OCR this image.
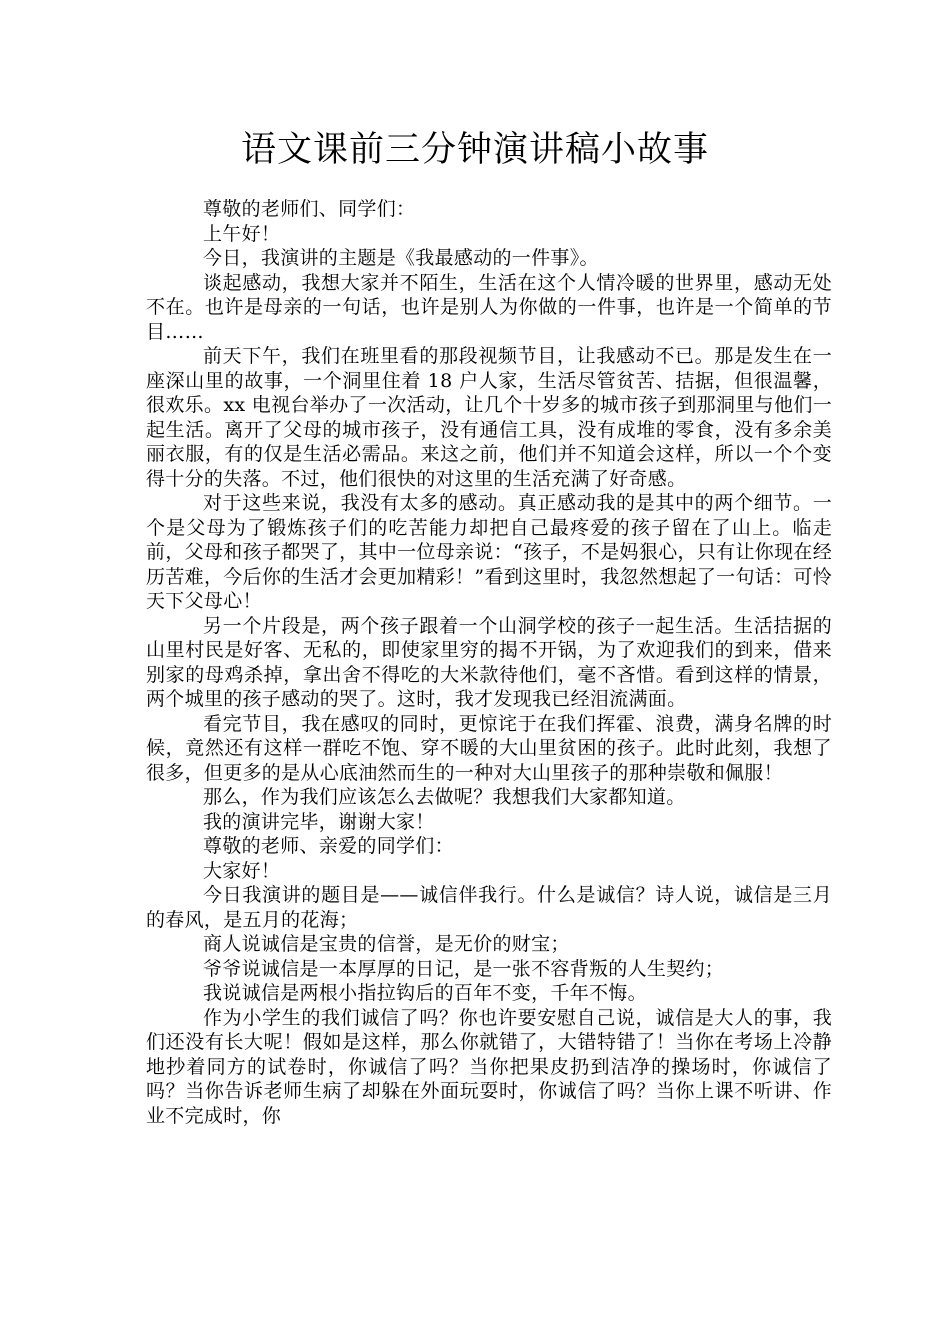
语文课前三分钟演讲稿小故事

尊敬的老师们、同学们：

上午好！

今日，我演讲的主题是《我最感动的一件事》。

谈起感动，我想大家并不陌生，生活在这个人情冷暖的世界里，感动无处不在。也许是母亲的一句话，也许是别人为你做的一件事，也许是一个简单的节目……

前天下午，我们在班里看的那段视频节目，让我感动不已。那是发生在一座深山里的故事，一个洞里住着 18 户人家，生活尽管贫苦、拮据，但很温馨，很欢乐。xx 电视台举办了一次活动，让几个十岁多的城市孩子到那洞里与他们一起生活。离开了父母的城市孩子，没有通信工具，没有成堆的零食，没有多余美丽衣服，有的仅是生活必需品。来这之前，他们并不知道会这样，所以一个个变得十分的失落。不过，他们很快的对这里的生活充满了好奇感。

对于这些来说，我没有太多的感动。真正感动我的是其中的两个细节。一个是父母为了锻炼孩子们的吃苦能力却把自己最疼爱的孩子留在了山上。临走前，父母和孩子都哭了，其中一位母亲说：“孩子，不是妈狠心，只有让你现在经历苦难，今后你的生活才会更加精彩！”看到这里时，我忽然想起了一句话：可怜天下父母心！

另一个片段是，两个孩子跟着一个山洞学校的孩子一起生活。生活拮据的山里村民是好客、无私的，即使家里穷的揭不开锅，为了欢迎我们的到来，借来别家的母鸡杀掉，拿出舍不得吃的大米款待他们，毫不吝惜。看到这样的情景，两个城里的孩子感动的哭了。这时，我才发现我已经泪流满面。

看完节目，我在感叹的同时，更惊诧于在我们挥霍、浪费，满身名牌的时候，竟然还有这样一群吃不饱、穿不暖的大山里贫困的孩子。此时此刻，我想了很多，但更多的是从心底油然而生的一种对大山里孩子的那种崇敬和佩服！

那么，作为我们应该怎么去做呢？我想我们大家都知道。

我的演讲完毕，谢谢大家！

尊敬的老师、亲爱的同学们：

大家好！

今日我演讲的题目是——诚信伴我行。什么是诚信？诗人说，诚信是三月的春风，是五月的花海；

商人说诚信是宝贵的信誉，是无价的财宝；

爷爷说诚信是一本厚厚的日记，是一张不容背叛的人生契约；

我说诚信是两根小指拉钩后的百年不变，千年不悔。

作为小学生的我们诚信了吗？你也许要安慰自己说，诚信是大人的事，我们还没有长大呢！假如是这样，那么你就错了，大错特错了！当你在考场上冷静地抄着同方的试卷时，你诚信了吗？当你把果皮扔到洁净的操场时，你诚信了吗？当你告诉老师生病了却躲在外面玩耍时，你诚信了吗？当你上课不听讲、作业不完成时，你
